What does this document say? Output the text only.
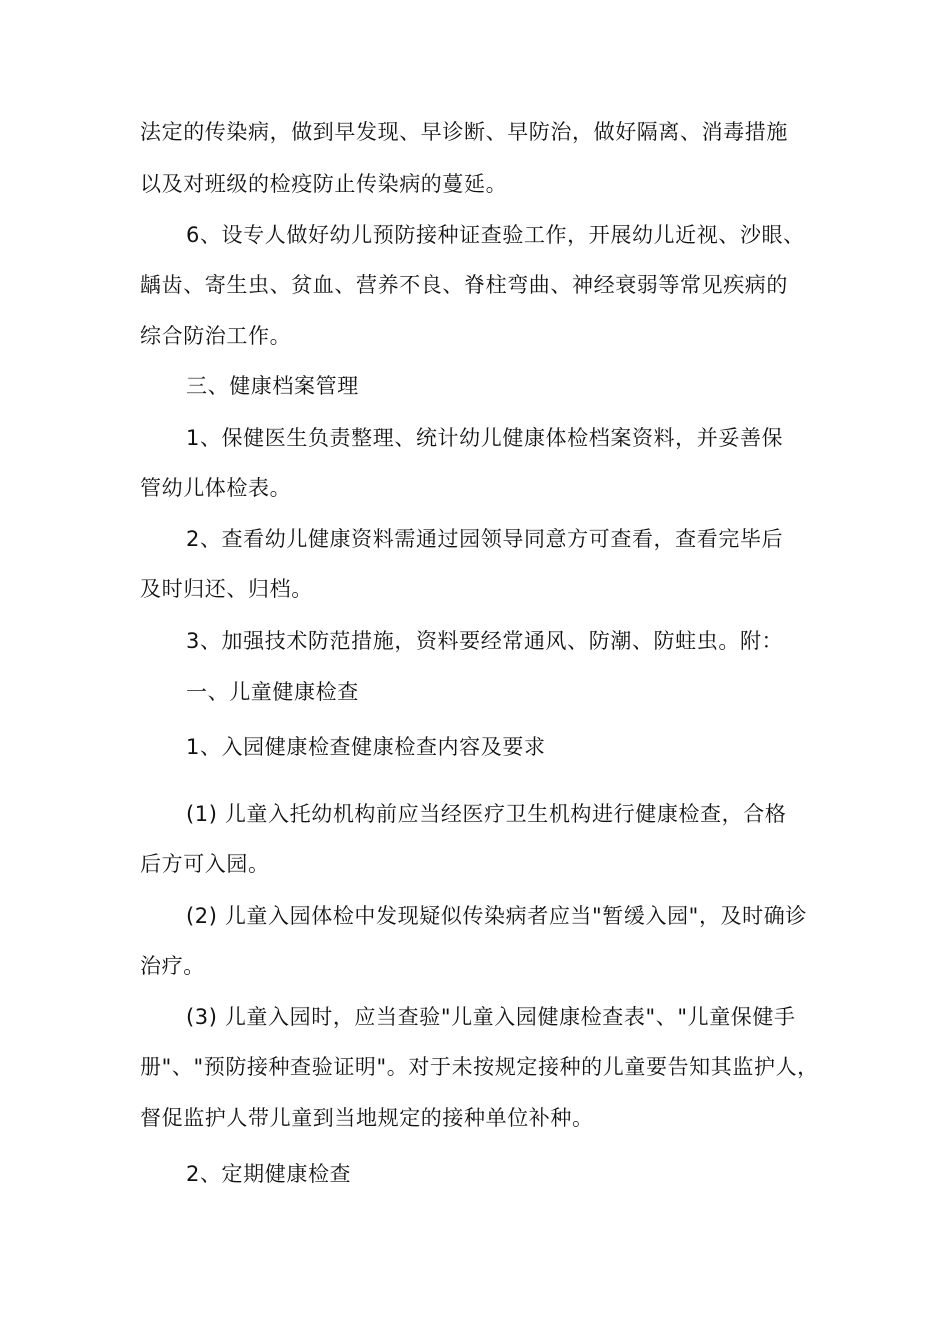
法定的传染病，做到早发现、早诊断、早防治，做好隔离、消毒措施
以及对班级的检疫防止传染病的蔓延。
6、设专人做好幼儿预防接种证查验工作，开展幼儿近视、沙眼、
龋齿、寄生虫、贫血、营养不良、脊柱弯曲、神经衰弱等常见疾病的
综合防治工作。
三、健康档案管理
1、保健医生负责整理、统计幼儿健康体检档案资料，并妥善保
管幼儿体检表。
2、查看幼儿健康资料需通过园领导同意方可查看，查看完毕后
及时归还、归档。
3、加强技术防范措施，资料要经常通风、防潮、防蛀虫。附：
一、儿童健康检查
1、入园健康检查健康检查内容及要求
(1) 儿童入托幼机构前应当经医疗卫生机构进行健康检查，合格
后方可入园。
(2) 儿童入园体检中发现疑似传染病者应当"暂缓入园"，及时确诊
治疗。
(3) 儿童入园时，应当查验"儿童入园健康检查表"、"儿童保健手
册"、"预防接种查验证明"。对于未按规定接种的儿童要告知其监护人，
督促监护人带儿童到当地规定的接种单位补种。
2、定期健康检查
